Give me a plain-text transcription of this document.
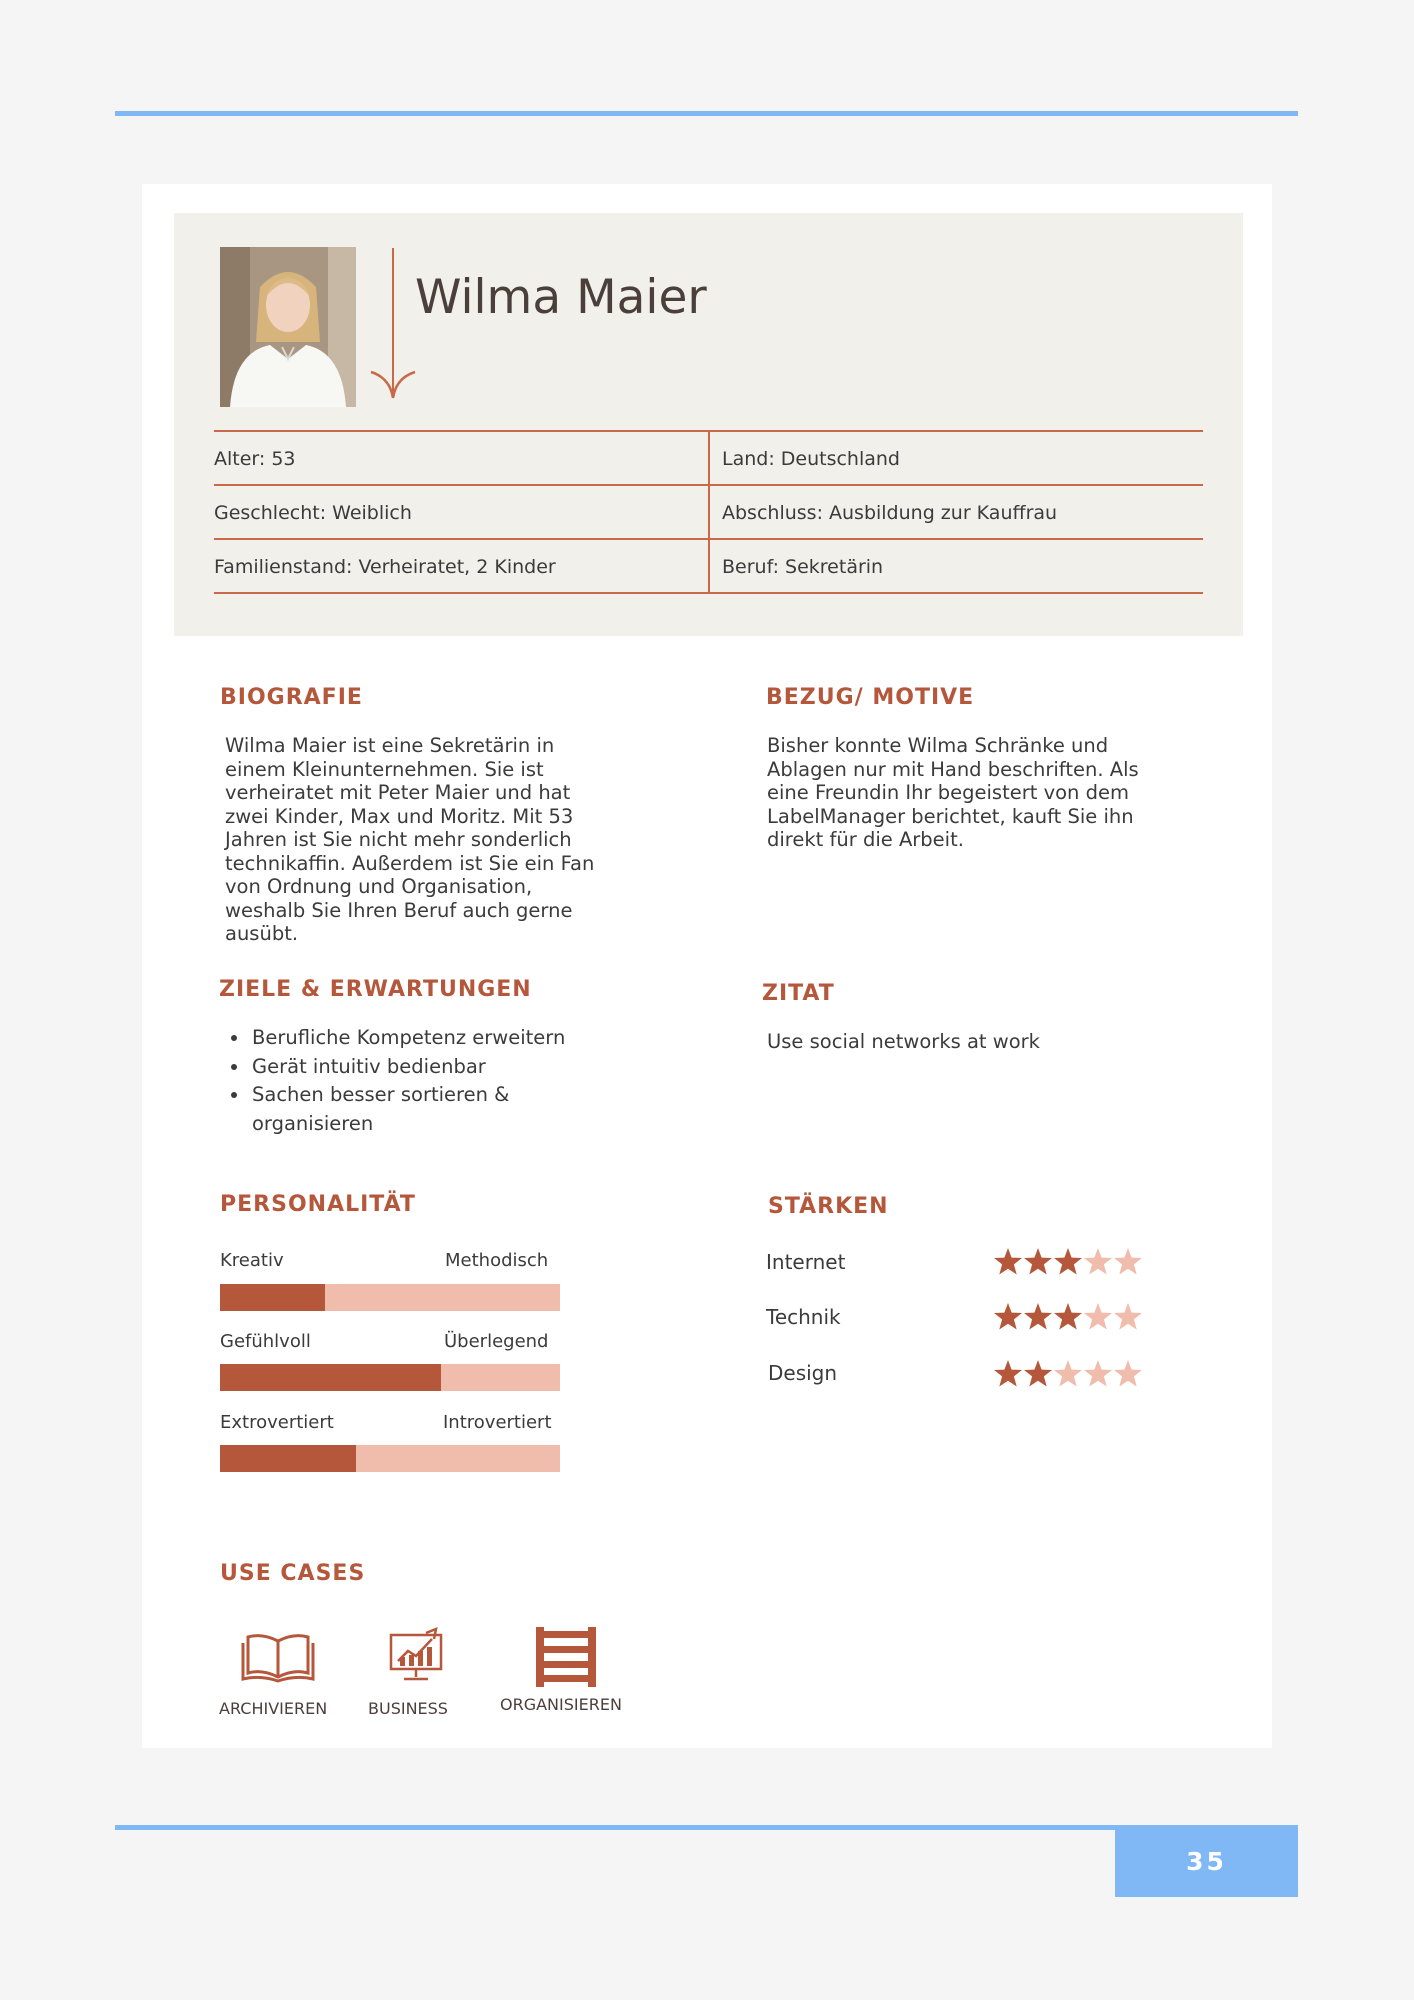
Wilma Maier
Alter: 53	Land: Deutschland
Geschlecht: Weiblich	Abschluss: Ausbildung zur Kauffrau
Familienstand: Verheiratet, 2 Kinder	Beruf: Sekretärin
BIOGRAFIE
Wilma Maier ist eine Sekretärin in
einem Kleinunternehmen. Sie ist
verheiratet mit Peter Maier und hat
zwei Kinder, Max und Moritz. Mit 53
Jahren ist Sie nicht mehr sonderlich
technikaffin. Außerdem ist Sie ein Fan
von Ordnung und Organisation,
weshalb Sie Ihren Beruf auch gerne
ausübt.
BEZUG/ MOTIVE
Bisher konnte Wilma Schränke und
Ablagen nur mit Hand beschriften. Als
eine Freundin Ihr begeistert von dem
LabelManager berichtet, kauft Sie ihn
direkt für die Arbeit.
ZIELE & ERWARTUNGEN
• Berufliche Kompetenz erweitern
• Gerät intuitiv bedienbar
• Sachen besser sortieren & organisieren
ZITAT
Use social networks at work
PERSONALITÄT
Kreativ	Methodisch
Gefühlvoll	Überlegend
Extrovertiert	Introvertiert
STÄRKEN
Internet
Technik
Design
USE CASES
ARCHIVIEREN	BUSINESS	ORGANISIEREN
35
